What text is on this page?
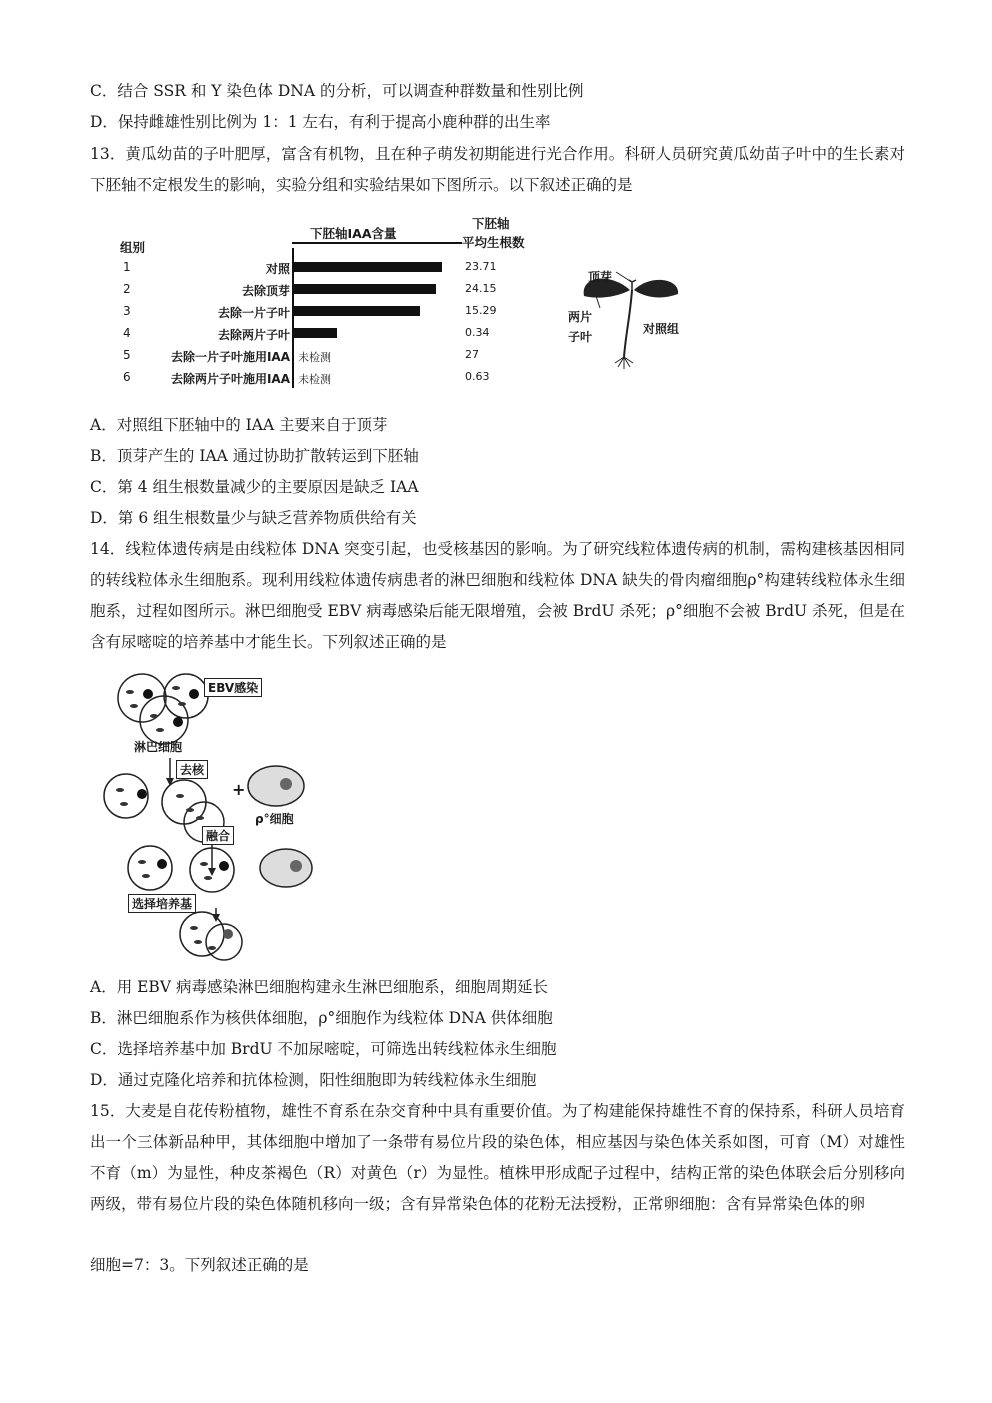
C．结合 SSR 和 Y 染色体 DNA 的分析，可以调查种群数量和性别比例
D．保持雌雄性别比例为 1：1 左右，有利于提高小鹿种群的出生率
13．黄瓜幼苗的子叶肥厚，富含有机物，且在种子萌发初期能进行光合作用。科研人员研究黄瓜幼苗子叶中的生长素对下胚轴不定根发生的影响，实验分组和实验结果如下图所示。以下叙述正确的是
组别
下胚轴IAA含量
下胚轴
平均生根数
1	对照	23.71
2	去除顶芽	24.15
3	去除一片子叶	15.29
4	去除两片子叶	0.34
5	去除一片子叶施用IAA 未检测	27
6	去除两片子叶施用IAA 未检测	0.63
顶芽
两片
子叶
对照组
A．对照组下胚轴中的 IAA 主要来自于顶芽
B．顶芽产生的 IAA 通过协助扩散转运到下胚轴
C．第 4 组生根数量减少的主要原因是缺乏 IAA
D．第 6 组生根数量少与缺乏营养物质供给有关
14．线粒体遗传病是由线粒体 DNA 突变引起，也受核基因的影响。为了研究线粒体遗传病的机制，需构建核基因相同的转线粒体永生细胞系。现利用线粒体遗传病患者的淋巴细胞和线粒体 DNA 缺失的骨肉瘤细胞ρ°构建转线粒体永生细胞系，过程如图所示。淋巴细胞受 EBV 病毒感染后能无限增殖，会被 BrdU 杀死；ρ°细胞不会被 BrdU 杀死，但是在含有尿嘧啶的培养基中才能生长。下列叙述正确的是
EBV感染
淋巴细胞
去核
+
ρ°细胞
融合
选择培养基
A．用 EBV 病毒感染淋巴细胞构建永生淋巴细胞系，细胞周期延长
B．淋巴细胞系作为核供体细胞，ρ°细胞作为线粒体 DNA 供体细胞
C．选择培养基中加 BrdU 不加尿嘧啶，可筛选出转线粒体永生细胞
D．通过克隆化培养和抗体检测，阳性细胞即为转线粒体永生细胞
15．大麦是自花传粉植物，雄性不育系在杂交育种中具有重要价值。为了构建能保持雄性不育的保持系，科研人员培育出一个三体新品种甲，其体细胞中增加了一条带有易位片段的染色体，相应基因与染色体关系如图，可育（M）对雄性不育（m）为显性，种皮茶褐色（R）对黄色（r）为显性。植株甲形成配子过程中，结构正常的染色体联会后分别移向两级，带有易位片段的染色体随机移向一级；含有异常染色体的花粉无法授粉，正常卵细胞：含有异常染色体的卵
细胞=7：3。下列叙述正确的是
